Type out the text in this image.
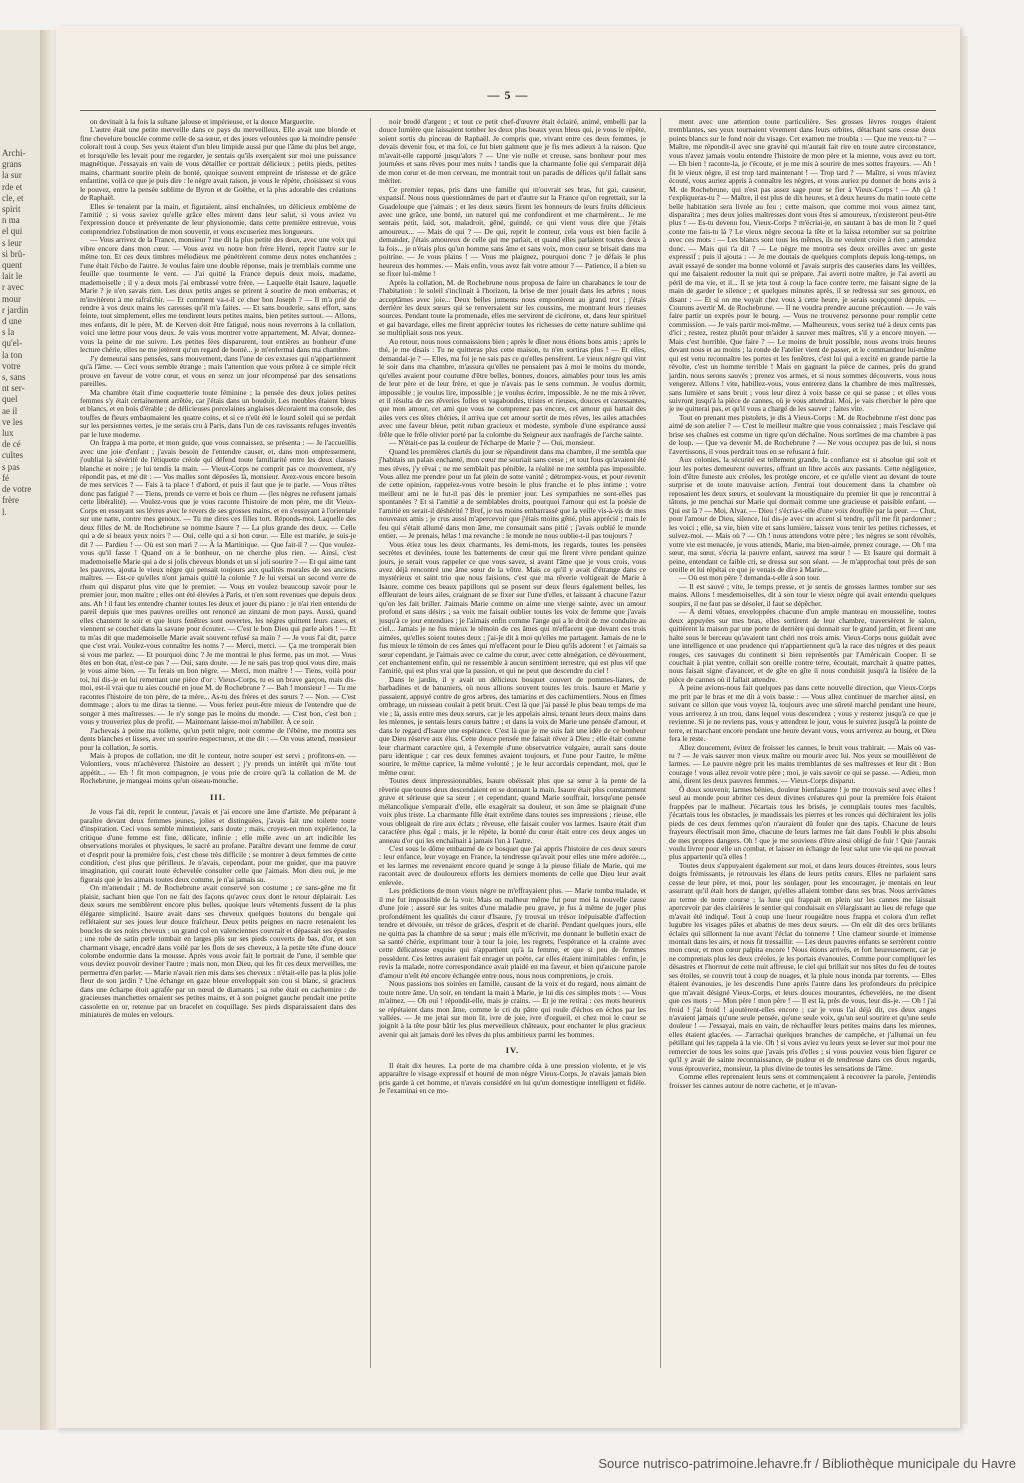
Archi-
grans
la sur
rde et
cle, et
spirit
n ma
el qui
s leur
si brû-
quent
lait le
r avec
mour
r jardin
d une
s la
qu'el-
la ton
votre
s, sans
nt ser-
quel
ae il
ve les
lux
de cé
cultes
s pas
fé
de votre
frère
l.
— 5 —

on devinait à la fois la sultane jalouse et impérieuse, et la douce Marguerite.

L'autre était une petite merveille dans ce pays du merveilleux. Elle avait une blonde et fine chevelure bouclée comme celle de sa sœur, et des joues veloutées que la moindre pensée colorait tout à coup. Ses yeux étaient d'un bleu limpide aussi pur que l'âme du plus bel ange, et lorsqu'elle les levait pour me regarder, je sentais qu'ils exerçaient sur moi une puissance magnétique. J'essayais en vain de vous détailler ce portrait délicieux ; petits pieds, petites mains, charmant sourire plein de bonté, quoique souvent empreint de tristesse et de grâce enfantine, voilà ce que je puis dire : le nègre avait raison, je vous le répète, choisissez si vous le pouvez, entre la pensée sublime de Byron et de Goëthe, et la plus adorable des créations de Raphaël.

Elles se tenaient par la main, et figuraient, ainsi enchaînées, un délicieux emblème de l'amitié ; si vous saviez qu'elle grâce elles mirent dans leur salut, si vous aviez vu l'expression douce et prévenante de leur physionomie, dans cette première entrevue, vous comprendriez l'obstination de mon souvenir, et vous excuseriez mes longueurs.

— Vous arrivez de la France, monsieur ? me dit la plus petite des deux, avec une voix qui vibre encore dans mon cœur. — Vous avez vu notre bon frère Henri, reprit l'autre sur le même ton. Et ces deux timbres mélodieux me pénétrèrent comme deux notes enchantées ; l'une était l'écho de l'autre. Je voulus faire une double réponse, mais je tremblais comme une feuille que tourmente le vent. — J'ai quitté la France depuis deux mois, madame, mademoiselle ; il y a deux mois j'ai embrassé votre frère. — Laquelle était Isaure, laquelle Marie ? je n'en savais rien. Les deux petits anges se prirent à sourire de mon embarras, et m'invitèrent à me rafraîchir. — Et comment va-t-il ce cher bon Joseph ? — Il m'a prié de rendre à vos deux mains les caresses qu'il m'a faites. — Et sans bouderie, sans effort, sans feinte, tout simplement, elles me tendirent leurs petites mains, bien petites surtout. — Allons, mes enfants, dit le père, M. de Kerven doit être fatigué, nous nous reverrons à la collation, voici une lettre pour vous deux. Je vais vous montrer votre appartement, M. Alvar, donnez-vous la peine de me suivre. Les petites fées disparurent, tout entières au bonheur d'une lecture chérie, elles ne me jetèrent qu'un regard de bonté... je m'enfermai dans ma chambre.

J'y demeurai sans pensées, sans mouvement, dans l'une de ces extases qui n'appartiennent qu'à l'âme. — Ceci vous semble étrange ; mais l'attention que vous prêtez à ce simple récit prouve en faveur de votre cœur, et vous en serez un jour récompensé par des sensations pareilles.

Ma chambre était d'une coquetterie toute féminine ; la pensée des deux jolies petites femmes s'y était certainement arrêtée, car j'étais dans un boudoir. Les meubles étaient bleus et blancs, et en bois d'érable ; de délicieuses porcelaines anglaises décoraient ma console, des touffes de fleurs embaumaient les quatre coins, et si ce n'eût été le lourd soleil qui se perdait sur les persiennes vertes, je me serais cru à Paris, dans l'un de ces ravissants refuges inventés par le luxe moderne.

On frappa à ma porte, et mon guide, que vous connaissez, se présenta : — Je l'accueillis avec une joie d'enfant ; j'avais besoin de l'entendre causer, et, dans mon empressement, j'oubliai la sévérité de l'étiquette créole qui défend toute familiarité entre les deux classes blanche et noire ; je lui tendis la main. — Vieux-Corps ne comprit pas ce mouvement, n'y répondit pas, et me dit : — Vos malles sont déposées là, monsieur. Avez-vous encore besoin de mes services ? — Fais à ta place ! d'abord, et puis il faut que je te parle. — Vous n'êtes donc pas fatigué ? — Tiens, prends ce verre et bois ce rhum — (les nègres ne refusent jamais cette libéralité). — Voulez-vous que je vous raconte l'histoire de mon père, me dit Vieux-Corps en essuyant ses lèvres avec le revers de ses grosses mains, et en s'essuyant à l'orientale sur une natte, contre mes genoux. — Tu me dires ces filles tort. Réponds-moi. Laquelle des deux filles de M. de Rochebrune se nomme Isaure ? — La plus grande des deux. — Celle qui a de si beaux yeux noirs ? — Oui, celle qui a si bon cœur. — Elle est mariée, je suis-je dit ? — Pardieu ! — Où est son mari ? — À la Martinique. — Que fait-il ? — Que voulez-vous qu'il fasse ! Quand on a le bonheur, on ne cherche plus rien. — Ainsi, c'est mademoiselle Marie qui a de si jolis cheveux blonds et un si joli sourire ? — Et qui aime tant les pauvres, ajouta le vieux nègre qui pensait toujours aux qualités morales de ses anciens maîtres. — Est-ce qu'elles n'ont jamais quitté la colonie ? Je lui versai un second verre de rhum qui disparut plus vite que le premier. — Vous en voulez beaucoup savoir pour le premier jour, mon maître ; elles ont été élevées à Paris, et n'en sont revenues que depuis deux ans. Ah ! il faut les entendre chanter toutes les deux et jouer du piano : je n'ai rien entendu de pareil depuis que mes pauvres oreilles ont renoncé au zinzani de mon pays. Aussi, quand elles chantent le soir et que leurs fenêtres sont ouvertes, les nègres quittent leurs cases, et viennent se coucher dans la savane pour écouter. — C'est le bon Dieu qui parle alors ! — Et tu m'as dit que mademoiselle Marie avait souvent refusé sa main ? — Je vous l'ai dit, parce que c'est vrai. Voulez-vous connaître les noms ? — Merci, merci. — Ça me tromperait bien si vous me parlez. — Et pourquoi donc ? Je me montrai le plus ferme, pas un mot. — Vous êtes en bon état, n'est-ce pas ? — Oui, sans doute. — Je ne sais pas trop quoi vous dire, mais je vous aime bien. — Tu ferais un bon nègre. — Merci, mon maître ! — Tiens, voilà pour toi, lui dis-je en lui remettant une pièce d'or : Vieux-Corps, tu es un brave garçon, mais dis-moi, est-il vrai que tu aies couché en joue M. de Rochebrune ? — Bah ! monsieur ! — Tu me racontes l'histoire de ton père, de ta mère... As-tu des frères et des sœurs ? — Non. — C'est dommage ; alors tu me diras ta tienne. — Vous feriez peut-être mieux de l'entendre que de songer à mes maîtresses. — Je n'y songe pas le moins du monde. — C'est bon, c'est bon ; vous y trouveriez plus de profit. — Maintenant laisse-moi m'habiller. À ce soir.

J'achevais à peine ma toilette, qu'un petit nègre, noir comme de l'ébène, me montra ses dents blanches et lisses, avec un sourire respectueux, et me dit : — On vous attend, monsieur pour la collation, Je sortis.

Mais à propos de collation, me dit le conteur, notre souper est servi ; profitons-en. — Volontiers, vous m'achèverez l'histoire au dessert ; j'y prends un intérêt qui m'ôte tout appétit... — Eh ! fit mon compagnon, je vous prie de croire qu'à la collation de M. de Rochebrune, je mangeai moins qu'un oiseau-mouche.

III.

Je vous l'ai dit, reprit le conteur, j'avais et j'ai encore une âme d'artiste. Me préparant à paraître devant deux femmes jeunes, jolies et distinguées, j'avais fait une toilette toute d'inspiration. Ceci vous semble minutieux, sans doute ; mais, croyez-en mon expérience, la critique d'une femme est fine, délicate, infinie ; elle mêle avec un art indicible les observations morales et physiques, le sacré au profane. Paraître devant une femme de cœur et d'esprit pour la première fois, c'est chose très difficile ; se montrer à deux femmes de cette condition, c'est plus que périlleux. Je n'avais, cependant, pour me guider, que ma pauvre imagination, qui courait toute échevelée consulter celle que j'aimais. Mon dieu oui, je me figurais que je les aimais toutes deux comme, je n'ai jamais su.

On m'attendait ; M. de Rochebrune avait conservé son costume ; ce sans-gêne me fit plaisir, sachant bien que l'on ne fait des façons qu'avec ceux dont le retour déplairait. Les deux sœurs me semblèrent encore plus belles, quoique leurs vêtements fussent de la plus élégante simplicité. Isaure avait dans ses cheveux quelques boutons du bengale qui reflétaient sur ses joues leur douce fraîcheur. Deux petits peignes en nacre retenaient les boucles de ses noirs cheveux ; un grand col en valenciennes couvrait et dépassait ses épaules ; une robe de satin perle tombait en larges plis sur ses pieds couverts de bas, d'or, et son charmant visage, encadré dans voilé par les flots de ses cheveux, à la petite tête d'une douce colombe endormie dans la mousse. Après vous avoir fait le portrait de l'une, il semble que vous deviez pouvoir deviner l'autre ; mais non, mon Dieu, qui les fit ces deux merveilles, me permettra d'en parler. — Marie n'avait rien mis dans ses cheveux : n'était-elle pas la plus jolie fleur de son jardin ? Une échange en gaze bleue enveloppait son cou si blanc, si gracieux dans une écharpe étoit agrafée par un nœud de diamants ; sa robe était en cachemire : de gracieuses manchettes ornaient ses petites mains, et à son poignet gauche pendait une petite cassolette en or, retenue par un bracelet en coquillage. Ses pieds disparaissaient dans des miniatures de mules en velours.

noir brodé d'argent ; et tout ce petit chef-d'œuvre était éclairé, animé, embelli par la douce lumière que laissaient tomber les deux plus beaux yeux bleus qui, je vous le répète, soient sortis du pinceau de Raphaël. Je compris que, vivant entre ces deux femmes, je devais devenir fou, et ma foi, ce fut bien galment que je fis mes adieux à la raison. Que m'avait-elle rapporté jusqu'alors ? — Une vie nulle et creuse, sans bonheur pour mes journées et sans rêves pour mes nuits ! tandis que la charmante folie qui s'emparait déjà de mon cœur et de mon cerveau, me montrait tout un paradis de délices qu'il fallait sans mériter.

Ce premier repas, pris dans une famille qui m'ouvrait ses bras, fut gai, causeur, expansif. Nous nous questionnâmes de part et d'autre sur la France qu'on regrettait, sur la Guadeloupe que j'aimais ; et les deux sœurs firent les honneurs de leurs fruits délicieux avec une grâce, une bonté, un naturel qui me confondirent et me charmèrent... Je me sentais petit, laid, sot, maladroit, gêné, guindé, ce qui vient vous dire que j'étais amoureux... — Mais de qui ? — De qui, reprit le conteur, cela vous est bien facile à demander, j'étais amoureux de celle qui me parlait, et quand elles parlaient toutes deux à la fois... je n'étais plus qu'un homme sans âme et sans voix, mon cœur se brisait dans ma poitrine. — Je vous plains ! — Vous me plaignez, pourquoi donc ? je défais le plus heureux des hommes. — Mais enfin, vous avez fait votre amour ? — Patience, il a bien su se fixer lui-même !

Après la collation, M. de Rochebrune nous proposa de faire un charabancs le tour de l'habitation : le soleil s'inclinait à l'horizon, la brise de mer jouait dans les arbres ; nous acceptâmes avec joie... Deux belles juments nous emportèrent au grand trot ; j'étais derrière les deux sœurs qui se renversaient sur les coussins, me montrant leurs rieuses sources. Pendant toute la promenade, elles me servirent de cicérone, et, dans leur spirituel et gai bavardage, elles me firent apprécier toutes les richesses de cette nature sublime qui se multipliait sous nos yeux.

Au retour, nous nous connaissions bien ; après le dîner nous étions bons amis ; après le thé, je me disais : Tu ne quitteras plus cette maison, tu n'en sortiras plus ! — Et elles, demandai-je ? — Elles, ma foi je ne sais pas ce qu'elles pensèrent. Le vieux nègre qui vint le soir dans ma chambre, m'assura qu'elles ne pensaient pas à moi le moins du monde, qu'elles avaient pour coutume d'être belles, bonnes, douces, aimables pour tous les amis de leur père et de leur frère, et que je n'avais pas le sens commun. Je voulus dormir, impossible ; je voulus lire, impossible ; je voulus écrire, impossible. Je ne me mis à rêver, et il résulta de ces rêveries folles et vagabondes, tristes et rieuses, douces et caressantes, que mon amour, cet ami que vous ne comprenez pas encore, cet amour qui battait des ailes vers ces têtes chéries, il arriva que cet amour sortit de mes rêves, les ailes attachées avec une faveur bleue, petit ruban gracieux et modeste, symbole d'une espérance aussi frêle que le frêle olivier porté par la colombe du Seigneur aux naufragés de l'arche sainte.

— N'était-ce pas la couleur de l'écharpe de Marie ? — Oui, monsieur.

Quand les premières clartés du jour se répandirent dans ma chambre, il me sembla que j'habitais un palais enchanté, mon cœur me souriait sans cesse ; et tout fous qu'avaient été mes rêves, j'y rêvai ; ne me semblait pas pénible, la réalité ne me sembla pas impossible. Vous allez me prendre pour un fat plein de sotte vanité ; détrompez-vous, et pour revenir de cette opinion, rappelez-vous votre besoin le plus franche et le plus intime ; votre meilleur ami ne le fut-il pas dès le premier jour. Les sympathies ne sont-elles pas spontanées ? Et si l'amitié a de semblables droits, pourquoi l'amour qui est la poésie de l'amitié en serait-il déshérité ? Bref, je tus moins embarrassé que la veille vis-à-vis de mes nouveaux amis ; je crus aussi m'apercevoir que j'étais moins gêné, plus apprécié ; mais le feu qui s'était allumé dans mon âme, me consumait sans pitié ; j'avais oublié le monde entier. — Je prenais, hélas ! ma revanche : le monde ne nous oublie-t-il pas toujours ?

Vous étiez tous les deux charmants, les demi-mots, les regards, toutes les pensées secrètes et devinées, toute les battements de cœur qui me firent vivre pendant quinze jours, je serait vous rappeler ce que vous savez, si avant l'âme que je vous crois, vous avez déjà rencontré une âme sœur de la vôtre. Mais ce qu'il y avait d'étrange dans ce mystérieux et saint trio que nous faisions, c'est que ma rêverie voltigeait de Marie à Isaure, comme ces beaux papillons qui se posent sur deux fleurs également belles, les effleurant de leurs ailes, craignant de se fixer sur l'une d'elles, et laissant à chacune l'azur qu'on les fait briller. J'aimais Marie comme on aime une vierge sainte, avec un amour profond et sans désirs ; sa voix me faisait oublier toutes les voix de femme que j'avais jusqu'à ce jour entendues ; je l'aimais enfin comme l'ange qui a le droit de me conduire au ciel... Jamais je ne fus mieux le témoin de ces âmes qui m'effacent que devant ces trois aimées, qu'elles soient toutes deux ; j'ai-je dit à moi qu'elles me partagent. Jamais de ne le fus mieux le témoin de ces âmes qui m'effacent pour le Dieu qu'ils adorent ! et j'aimais sa sœur cependant, je l'aimais avec ce calme du cœur, avec cette abnégation, ce dévouement, cet enchantement enfin, qui ne ressemble à aucun sentiment terrestre, qui est plus vif que l'amitié, qui est plus vrai que la passion, et qui ne peut que descendre du ciel !

Dans le jardin, il y avait un délicieux bosquet couvert de pommes-lianes, de barbadines et de bananiers, où nous allions souvent toutes les trois. Isaure et Marie y passaient, appuyé contre de gros arbres, des tamarins et des cachimentiers. Nous en fîmes ombrage, un ruisseau coulait à petit bruit. C'est là que j'ai passé le plus beau temps de ma vie ; là, assis entre mes deux sœurs, car je les appelais ainsi, tenant leurs deux mains dans les miennes, je sentais leurs cœurs battre ; et dans la voix de Marie une pensée d'amour, et dans le regard d'Isaure une espérance. C'est là que je me suis fait une idée de ce bonheur que Dieu réserve aux élus. Cette douce pensée me faisait rêver à Dieu ; elle était comme leur charmant caractère qui, à l'exemple d'une observatrice vulgaire, aurait sans doute paru identique ; car ces deux femmes avaient toujours, et l'une pour l'autre, le même sourire, le même caprice, la même volonté ; je le leur accordais cependant, moi, que le même cœur.

Toutes deux impressionnables, Isaure obéissait plus que sa sœur à la pente de la rêverie que toutes deux descendaient en se donnant la main. Isaure était plus constamment grave et sérieuse que sa sœur ; et cependant, quand Marie souffrait, lorsqu'une pensée mélancolique s'emparait d'elle, elle exagérait sa douleur, et son âme se plaignait d'une voix plus triste. La charmante fille était extrême dans toutes ses impressions ; rieuse, elle vous obligeait de rire aux éclats ; rêveuse, elle faisait couler vos larmes. Isaure était d'un caractère plus égal ; mais, je le répète, la bonté du cœur était entre ces deux anges un anneau d'or qui les enchaînait à jamais l'un à l'autre.

C'est sous le dôme embaumé de ce bosquet que j'ai appris l'histoire de ces deux sœurs : leur enfance, leur voyage en France, la tendresse qu'avait pour elles une mère adorée..., et les larmes me revenaient encore quand je songe à la pieuse filiale de Marie, qui me racontait avec de douloureux efforts les derniers moments de celle que Dieu leur avait enlevée.

Les prédictions de mon vieux nègre ne m'effrayaient plus. — Marie tomba malade, et il me fut impossible de la voir. Mais on malheur même fut pour moi la nouvelle cause d'une joie ; assuré sur les suites d'une maladie peu grave, je fus à même de juger plus profondément les qualités du cœur d'Isaure, j'y trouvai un trésor inépuisable d'affection tendre et dévouée, un trésor de grâces, d'esprit et de charité. Pendant quelques jours, elle ne quitta pas la chambre de sa sœur ; mais elle m'écrivit, me donnant le bulletin exact de sa santé chérie, exprimant tour à tour la joie, les regrets, l'espérance et la crainte avec cette délicatesse exquise qui n'appartient qu'à la femme, et que si peu de femmes possèdent. Ces lettres auraient fait enrager un poète, car elles étaient inimitables : enfin, je revis la malade, notre correspondance avait plaidé en ma faveur, et bien qu'aucune parole d'amour n'eût été encore échangée entre nous, nous nous comprenions, je crois.

Nous passions nos soirées en famille, causant de la voix et du regard, nous aimant de toute notre âme. Un soir, en tendant la main à Marie, je lui dis ces simples mots : — Vous m'aimez. — Oh oui ! répondit-elle, mais je crains. — Et je me retirai : ces mots heureux se répétaient dans mon âme, comme le cri du pâtre qui roule d'échos en échos par les vallées. — Je me jetai sur mon lit, ivre de joie, ivre d'orgueil, et chez moi le cœur se joignit à la tête pour bâtir les plus merveilleux châteaux, pour enchanter le plus gracieux avenir qui ait jamais doré les rêves du plus ambitieux parmi les hommes.

IV.

Il était dix heures. La porte de ma chambre céda à une pression violente, et je vis apparaître le visage expressif et hourté de mon nègre Vieux-Corps. Je n'avais jamais bien pris garde à cet homme, et n'avais considéré en lui qu'un domestique intelligent et fidèle. Je l'examinai en ce mo-

ment avec une attention toute particulière. Ses grosses lèvres rouges étaient tremblantes, ses yeux tournaient vivement dans leurs orbites, détachant sans cesse deux points blancs sur le fond noir du visage. Cet examen me troubla : — Que me veux-tu ? — Maître, me répondit-il avec une gravité qui m'aurait fait rire en toute autre circonstance, vous n'avez jamais voulu entendre l'histoire de mon père et la mienne, vous avez eu tort. — Eh bien ! raconte-la, je t'écoute, et je me mis à sourire de mes sottes frayeurs. — Ah ! fit le vieux nègre, il est trop tard maintenant ! — Trop tard ? — Maître, si vous m'aviez écouté, vous auriez appris à connaître les nègres, et vous auriez pu donner de bons avis à M. de Rochebrune, qui n'est pas assez sage pour se fier à Vieux-Corps ! — Ah çà ! t'expliqueras-tu ? — Maître, il est plus de dix heures, et à deux heures du matin toute cette belle habitation sera livrée au feu ; cette maison, que comme moi vous aimez tant, disparaîtra ; mes deux jolies maîtresses dont vous êtes si amoureux, n'existeront peut-être plus ! — Es-tu devenu fou, Vieux-Corps ? m'écriai-je, en sautant à bas de mon lit ? quel conte me fais-tu là ? Le vieux nègre secoua la tête et la laissa retomber sur sa poitrine avec ces mots : — Les blancs sont tous les mêmes, ils ne veulent croire à rien ; attendez donc. — Mais qui t'a dit ? — Le nègre me montra ses deux oreilles avec un geste expressif ; puis il ajouta : — Je me doutais de quelques complots depuis long-temps, on avait essayé de sonder ma bonne volonté et j'avais surpris des causeries dans les veillées, qui me faisaient redouter la nuit qui se prépare. J'ai averti notre maître, je l'ai averti au péril de ma vie, et il... Il se jeta tout à coup la face contre terre, me faisant signe de la main de garder le silence ; et quelques minutes après, il se redressa sur ses genoux, en disant : — Et si on me voyait chez vous à cette heure, je serais soupçonné depuis. — Courons avertir M. de Rochebrune. — Il ne voudra prendre aucune précaution. — Je vais faire partir un exprès pour le bourg. — Vous ne trouverez personne pour remplir cette commission. — Je vais partir moi-même. — Malheureux, vous seriez tué à deux cents pas d'ici ; restez, restez plutôt pour m'aider à sauver mes maîtres, s'il y a encore moyen. — Mais c'est horrible. Que faire ? — Le moins de bruit possible, nous avons trois heures devant nous et au moins ; la ronde de l'atelier vient de passer, et le commandeur lui-même qui est venu reconnaître les portes et les fenêtres, c'est lui qui a excité en grande partie la révolte, c'est un homme terrible ! Mais en gagnant la pièce de cannes, près du grand jardin, nous serons sauvés ; prenez vos armes, et si nous sommes découverts, vous nous vengerez. Allons ! vite, habillez-vous, vous entrerez dans la chambre de mes maîtresses, sans lumière et sans bruit ; vous leur direz à voix basse ce qui se passe ; et elles vous suivront jusqu'à la pièce de cannes, où je vous attendrai. Moi, je vais chercher le père que je ne quitterai pas, et qu'il vous a chargé de les sauver ; faites vite.

Tout en prenant mes pistolets, je dis à Vieux-Corps : M. de Rochebrune n'est donc pas aimé de son atelier ? — C'est le meilleur maître que vous connaissiez ; mais l'esclave qui brise ses chaînes est comme un tigre qu'on déchaîne. Nous sortîmes de ma chambre à pas de loup. — Que va devenir M. de Rochebrune ? — Ne vous occupez pas de lui, si nous l'avertissons, il vous perdrait tous en se refusant à fuir.

Aux colonies, la sécurité est tellement grande, la confiance est si absolue qui soit et jour les portes demeurent ouvertes, offrant un libre accès aux passants. Cette négligence, loin d'être funeste aux créoles, les protège encore, et ce qu'elle vient au devant de toute surprise et de toute mauvaise action. J'entrai tout doucement dans la chambre où reposaient les deux sœurs, et soulevant la moustiquaire du premier lit que je rencontrai à tâtons, je me penchai sur Marie qui dormait comme une gracieuse et paisible enfant. — Qui est là ? — Moi, Alvar. — Dieu ! s'écria-t-elle d'une voix étouffée par la peur. — Chut, pour l'amour de Dieu, silence, lui dis-je avec un accent si tendre, qu'il me fit pardonner ; les voici ; elle, sa vie, bien vite et sans lumière, laissez vous tenir les petites richesses, et suivez-moi. — Mais où ? — Oh ! nous attendons votre père ; les nègres se sont révoltés, votre vie est menacée, je vous attends, Marie, ma bien-aimée, prenez courage. — Oh ! ma sœur, ma sœur, s'écria la pauvre enfant, sauvez ma sœur ! — Et Isaure qui dormait à peine, entendant ce faible cri, se dressa sur son séant. — Je m'approchai tout près de son oreille et lui répétai ce que je venais de dire à Marie...

— Où est mon père ? demanda-t-elle à son tour.

— Il est sauvé ; vite, le temps presse, et je sentis de grosses larmes tomber sur ses mains. Allons ! mesdemoiselles, dit à son tour le vieux nègre qui avait entendu quelques soupirs, il ne faut pas se désoler, il faut se dépêcher.

— À demi vêtues, enveloppées chacune d'un ample manteau en mousseline, toutes deux appuyées sur mes bras, elles sortirent de leur chambre, traversèrent le salon, quittèrent la maison par une porte de derrière qui donnait sur le grand jardin, et firent une halte sous le berceau qu'avaient tant chéri nos trois amis. Vieux-Corps nous guidait avec une intelligence et une prudence qui n'appartiennent qu'à la race des nègres et des peaux rouges, ces sauvages du continent si bien représentés par l'Américain Cooper. Il se couchait à plat ventre, collait son oreille contre terre, écoutait, marchait à quatre pattes, nous faisait signe d'avancer, et de gîte en gîte il nous conduisit jusqu'à la lisière de la pièce de cannes où il fallait attendre.

À peine avions-nous fait quelques pas dans cette nouvelle direction, que Vieux-Corps me prit par le bras et me dit à voix basse : — Vous allez continuer de marcher ainsi, en suivant ce sillon que vous voyez là, toujours avec une sûreté marché pendant une heure, vous arriverez à un trou, dans lequel vous descendrez ; vous y resterez jusqu'à ce que je revienne. Si je ne reviens pas, vous y attendrez le jour, vous le suivrez jusqu'à la pointe de terre, et marchant encore pendant une heure devant vous, vous arriverez au bourg, et Dieu fera le reste.

Allez doucement, évitez de froisser les cannes, le bruit vous trahirait. — Mais où vas-tu ? — Je vais sauver mon vieux maître ou mourir avec lui. Nos yeux se mouillèrent de larmes. — Le pauvre nègre prit les mains tremblantes de ses maîtresses et leur dit : Bon courage ! vous allez revoir votre père ; moi, je vais savoir ce qui se passe. — Adieu, mon ami, dirent les deux pauvres femmes. — Vieux-Corps disparut.

Ô doux souvenir, larmes bénies, douleur bienfaisante ! je me trouvais seul avec elles ! seul au monde pour abriter ces deux divines créatures qui pour la première fois étaient frappées par le malheur. J'écartais tous les brisés, je centuplais toutes mes facultés, j'écartais tous les obstacles, je maudissais les pierres et les ronces qui déchiraient les jolis pieds de ces deux femmes qu'on n'auraient dû fouler que des tapis. Chacune de leurs frayeurs électrisait mon âme, chacune de leurs larmes me fait dans l'oubli le plus absolu de mes propres dangers. Oh ! que je me souviens d'être ainsi obligé de fuir ! Que j'aurais voulu livrer pour elle un combat, et laisser en échange de leur salut une vie qui ne pouvait plus appartenir qu'à elles !

Toutes deux s'appuyaient également sur moi, et dans leurs douces étreintes, sous leurs doigts frémissants, je retrouvais les élans de leurs petits cœurs. Elles ne parlaient sans cesse de leur père, et moi, pour les soulager, pour les encourager, je mentais en leur assurant qu'il était hors de danger, qu'elles allaient tomber dans ses bras. Nous arrivâmes au terme de notre course ; la lune qui frappait en plein sur les cannes me laissait apercevoir par des clairières le sentier qui conduisait en s'élargissant au lieu de refuge que m'avait été indiqué. Tout à coup une lueur rougeâtre nous frappa et colora d'un reflet lugubre les visages pâles et abattus de mes deux sœurs. — On eût dit des orcs brûlants éclairs qui sillonnent la nue avant l'éclat du tonnerre ! Une clameur sourde et immense montait dans les airs, et nous fit tressaillir. — Les deux pauvres enfants se serrèrent contre mon cœur, et mon cœur palpita encore ! Nous étions arrivés, et fort heureusement, car je ne comprenais plus les deux créoles, je les portais évanouies. Comme pour compliquer les désastres et l'horreur de cette nuit affreuse, le ciel qui brillait sur nos têtes du feu de toutes ses étoiles, se couvrit tout à coup de nuages, et la pluie nous inonda par torrents. — Elles étaient évanouies, je les descendis l'une après l'autre dans les profondeurs du précipice que m'avait désigné Vieux-Corps, et leurs douces mourantes, échevelées, ne me disent que ces mots : — Mon père ! mon père ! — Il est là, près de vous, leur dis-je. — Oh ! j'ai froid ! j'ai froid ! ajoutèrent-elles encore ; car je vous l'ai déjà dit, ces deux anges n'avaient jamais qu'une seule pensée, qu'une seule voix, qu'un seul sourire et qu'une seule douleur ! — J'essayai, mais en vain, de réchauffer leurs petites mains dans les miennes, elles étaient glacées. — J'arrachai quelques branches de campêche, et j'allumai un feu pétillant qui les rappela à la vie. Oh ! si vous aviez vu leurs yeux se lever sur moi pour me remercier de tous les soins que j'avais pris d'elles ; si vous pouviez vous bien figurer ce qu'il y avait de sainte reconnaissance, de pudeur et de tendresse dans ces doux regards, vous éprouveriez, monsieur, la plus divine de toutes les sensations de l'âme.

Comme elles reprenaient leurs sens et commençaient à recouvrer la parole, j'entendis froisser les cannes autour de notre cachette, et je m'avan-

Source nutrisco-patrimoine.lehavre.fr / Bibliothèque municipale du Havre
